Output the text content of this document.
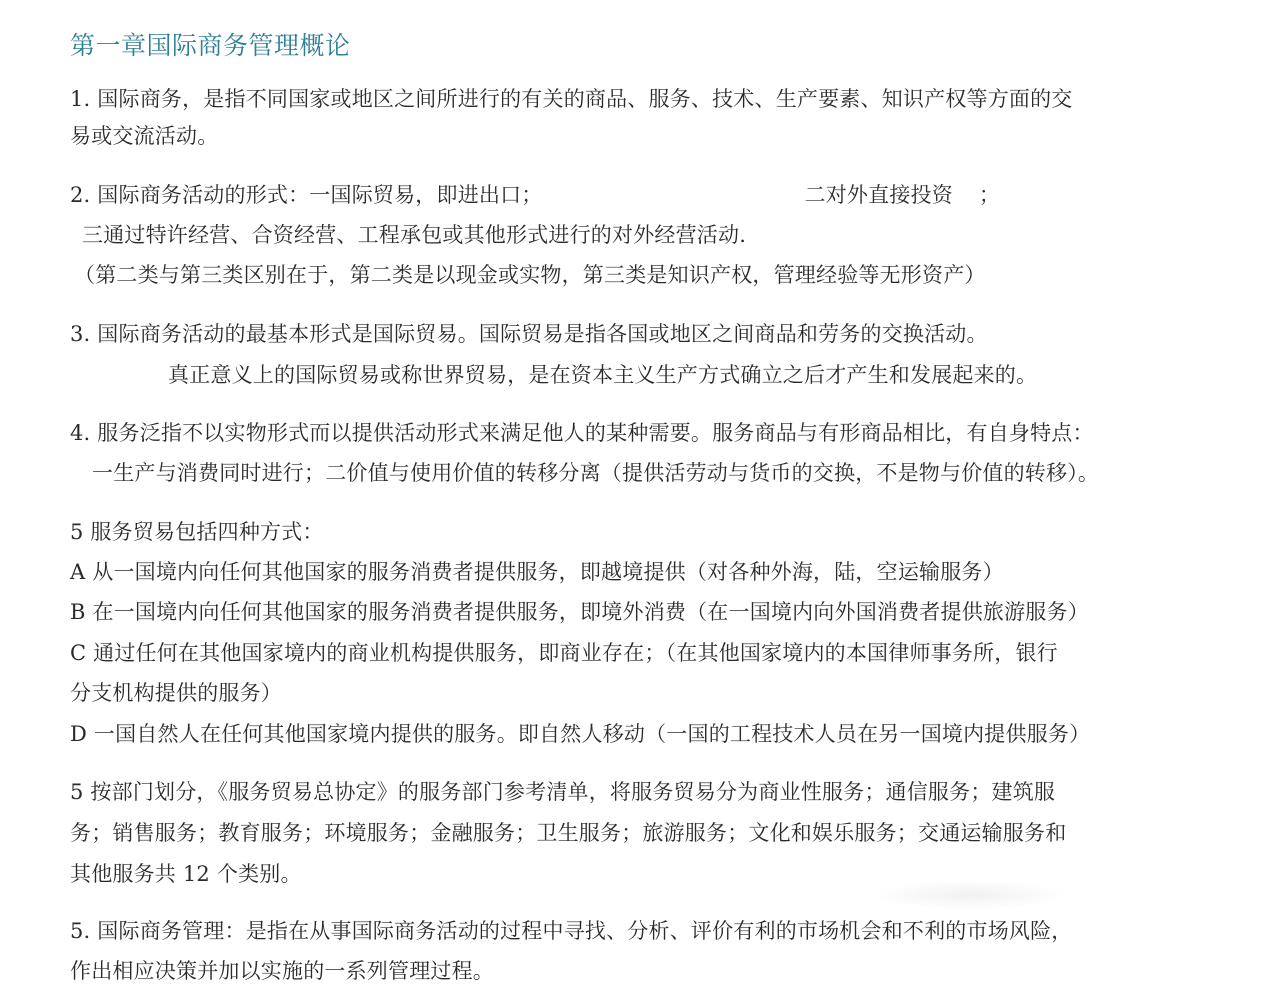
第一章国际商务管理概论
1. 国际商务，是指不同国家或地区之间所进行的有关的商品、服务、技术、生产要素、知识产权等方面的交
易或交流活动。
2. 国际商务活动的形式：一国际贸易，即进出口；	二对外直接投资 ；
三通过特许经营、合资经营、工程承包或其他形式进行的对外经营活动.
（第二类与第三类区别在于，第二类是以现金或实物，第三类是知识产权，管理经验等无形资产）
3. 国际商务活动的最基本形式是国际贸易。国际贸易是指各国或地区之间商品和劳务的交换活动。
真正意义上的国际贸易或称世界贸易，是在资本主义生产方式确立之后才产生和发展起来的。
4. 服务泛指不以实物形式而以提供活动形式来满足他人的某种需要。服务商品与有形商品相比，有自身特点：
一生产与消费同时进行；二价值与使用价值的转移分离（提供活劳动与货币的交换，不是物与价值的转移）。
5 服务贸易包括四种方式：
A 从一国境内向任何其他国家的服务消费者提供服务，即越境提供（对各种外海，陆，空运输服务）
B 在一国境内向任何其他国家的服务消费者提供服务，即境外消费（在一国境内向外国消费者提供旅游服务）
C 通过任何在其他国家境内的商业机构提供服务，即商业存在；（在其他国家境内的本国律师事务所，银行
分支机构提供的服务）
D 一国自然人在任何其他国家境内提供的服务。即自然人移动（一国的工程技术人员在另一国境内提供服务）
5 按部门划分，《服务贸易总协定》的服务部门参考清单，将服务贸易分为商业性服务；通信服务；建筑服
务；销售服务；教育服务；环境服务；金融服务；卫生服务；旅游服务；文化和娱乐服务；交通运输服务和
其他服务共 12 个类别。
5. 国际商务管理：是指在从事国际商务活动的过程中寻找、分析、评价有利的市场机会和不利的市场风险，
作出相应决策并加以实施的一系列管理过程。
